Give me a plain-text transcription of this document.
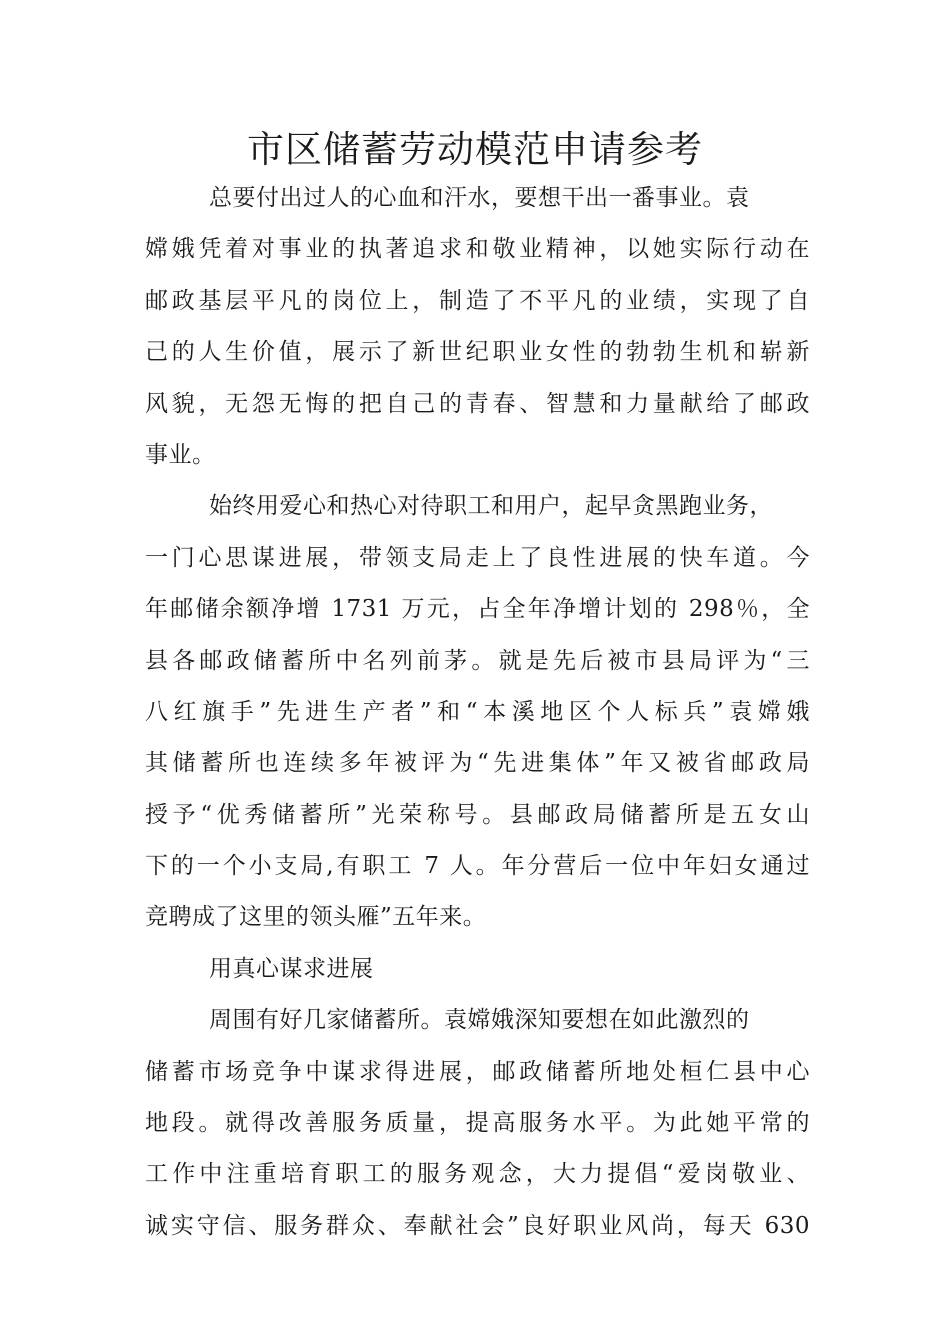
市区储蓄劳动模范申请参考
总要付出过人的心血和汗水，要想干出一番事业。袁
嫦娥凭着对事业的执著追求和敬业精神，以她实际行动在
邮政基层平凡的岗位上，制造了不平凡的业绩，实现了自
己的人生价值，展示了新世纪职业女性的勃勃生机和崭新
风貌，无怨无悔的把自己的青春、智慧和力量献给了邮政
事业。
始终用爱心和热心对待职工和用户，起早贪黑跑业务，
一门心思谋进展，带领支局走上了良性进展的快车道。今
年邮储余额净增 1731 万元，占全年净增计划的 298％，全
县各邮政储蓄所中名列前茅。就是先后被市县局评为“三
八红旗手”先进生产者”和“本溪地区个人标兵”袁嫦娥
其储蓄所也连续多年被评为“先进集体”年又被省邮政局
授予“优秀储蓄所”光荣称号。县邮政局储蓄所是五女山
下的一个小支局,有职工 7 人。年分营后一位中年妇女通过
竞聘成了这里的领头雁”五年来。
用真心谋求进展
周围有好几家储蓄所。袁嫦娥深知要想在如此激烈的
储蓄市场竞争中谋求得进展，邮政储蓄所地处桓仁县中心
地段。就得改善服务质量，提高服务水平。为此她平常的
工作中注重培育职工的服务观念，大力提倡“爱岗敬业、
诚实守信、服务群众、奉献社会”良好职业风尚，每天 630
